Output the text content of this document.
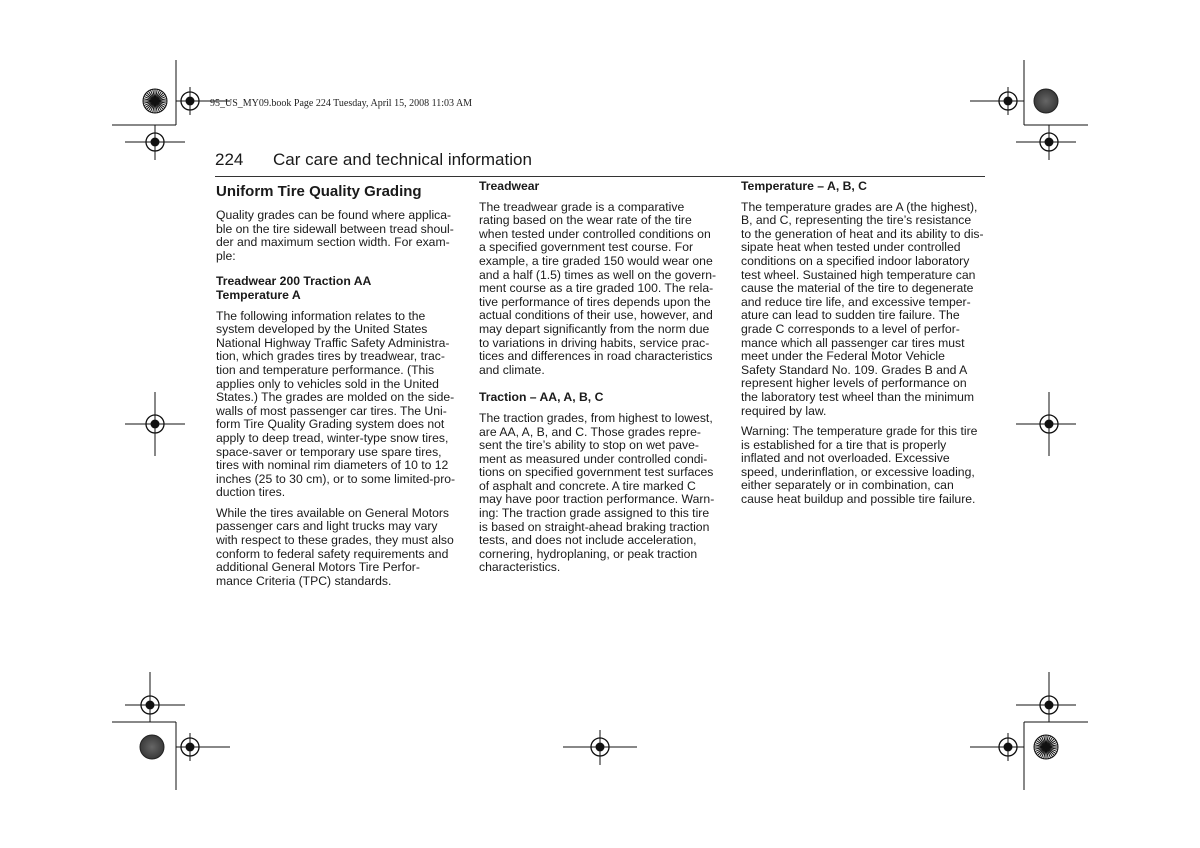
95_US_MY09.book Page 224 Tuesday, April 15, 2008 11:03 AM
224 Car care and technical information
Uniform Tire Quality Grading

Quality grades can be found where applica-
ble on the tire sidewall between tread shoul-
der and maximum section width. For exam-
ple:

Treadwear 200 Traction AA
Temperature A

The following information relates to the
system developed by the United States
National Highway Traffic Safety Administra-
tion, which grades tires by treadwear, trac-
tion and temperature performance. (This
applies only to vehicles sold in the United
States.) The grades are molded on the side-
walls of most passenger car tires. The Uni-
form Tire Quality Grading system does not
apply to deep tread, winter-type snow tires,
space-saver or temporary use spare tires,
tires with nominal rim diameters of 10 to 12
inches (25 to 30 cm), or to some limited-pro-
duction tires.

While the tires available on General Motors
passenger cars and light trucks may vary
with respect to these grades, they must also
conform to federal safety requirements and
additional General Motors Tire Perfor-
mance Criteria (TPC) standards.

Treadwear

The treadwear grade is a comparative
rating based on the wear rate of the tire
when tested under controlled conditions on
a specified government test course. For
example, a tire graded 150 would wear one
and a half (1.5) times as well on the govern-
ment course as a tire graded 100. The rela-
tive performance of tires depends upon the
actual conditions of their use, however, and
may depart significantly from the norm due
to variations in driving habits, service prac-
tices and differences in road characteristics
and climate.

Traction – AA, A, B, C

The traction grades, from highest to lowest,
are AA, A, B, and C. Those grades repre-
sent the tire’s ability to stop on wet pave-
ment as measured under controlled condi-
tions on specified government test surfaces
of asphalt and concrete. A tire marked C
may have poor traction performance. Warn-
ing: The traction grade assigned to this tire
is based on straight-ahead braking traction
tests, and does not include acceleration,
cornering, hydroplaning, or peak traction
characteristics.

Temperature – A, B, C

The temperature grades are A (the highest),
B, and C, representing the tire’s resistance
to the generation of heat and its ability to dis-
sipate heat when tested under controlled
conditions on a specified indoor laboratory
test wheel. Sustained high temperature can
cause the material of the tire to degenerate
and reduce tire life, and excessive temper-
ature can lead to sudden tire failure. The
grade C corresponds to a level of perfor-
mance which all passenger car tires must
meet under the Federal Motor Vehicle
Safety Standard No. 109. Grades B and A
represent higher levels of performance on
the laboratory test wheel than the minimum
required by law.

Warning: The temperature grade for this tire
is established for a tire that is properly
inflated and not overloaded. Excessive
speed, underinflation, or excessive loading,
either separately or in combination, can
cause heat buildup and possible tire failure.
